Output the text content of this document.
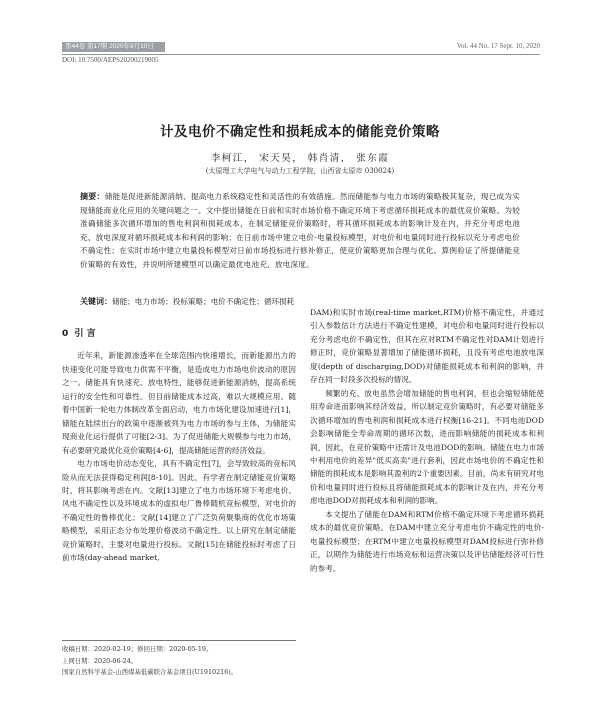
第44卷 第17期 2020年9月10日	Vol. 44 No. 17 Sept. 10, 2020
DOI: 10.7500/AEPS20200219005
计及电价不确定性和损耗成本的储能竞价策略
李柯江， 宋天昊， 韩肖清， 张东霞
(太原理工大学电气与动力工程学院，山西省太原市 030024)
摘要：储能是促进新能源消纳、提高电力系统稳定性和灵活性的有效措施。然而储能参与电力市场的策略极其复杂，现已成为实现储能商业化应用的关键问题之一。文中提出储能在日前和实时市场价格不确定环境下考虑循环损耗成本的最优竞价策略。为较准确储能多次循环增加的售电利润和损耗成本，在制定储能竞价策略时，将其循环损耗成本的影响计及在内，并充分考虑电池充、放电深度对循环损耗成本和利润的影响；在日前市场中建立电价-电量投标模型，对电价和电量同时进行投标以充分考虑电价不确定性；在实时市场中建立电量投标模型对日前市场投标进行修补修正，使竞价策略更加合理与优化。算例验证了所提储能竞价策略的有效性，并说明所建模型可以确定最优电池充、放电深度。
关键词：储能；电力市场；投标策略；电价不确定性；循环损耗
0 引 言

近年来，新能源渗透率在全球范围内快速增长，而新能源出力的快速变化可能导致电力供需不平衡，是造成电力市场电价波动的原因之一。储能具有快速充、放电特性，能够促进新能源消纳，提高系统运行的安全性和可靠性。但目前储能成本过高，难以大规模应用。随着中国新一轮电力体制改革全面启动，电力市场化建设加速进行[1]，储能在陆续出台的政策中逐渐被列为电力市场的参与主体，为储能实现商业化运行提供了可能[2-3]。为了促进储能大规模参与电力市场，有必要研究最优化竞价策略[4-6]，提高储能运营的经济效益。

电力市场电价动态变化，具有不确定性[7]，会导致较高的竞标风险从而无法获得稳定利润[8-10]。因此，有学者在制定储能竞价策略时，将其影响考虑在内。文献[13]建立了电力市场环境下考虑电价、风电不确定性以及环境成本的虚拟电厂鲁棒随机竞标模型，对电价的不确定性的鲁棒优化；文献[14]建立了广泛负荷聚集商的优化市场策略模型，采用正态分布处理价格波动不确定性。以上研究在制定储能竞价策略时，主要对电量进行投标。文献[15]在储能投标时考虑了日前市场(day-ahead market,

DAM)和实时市场(real-time market,RTM)价格不确定性，并通过引入参数估计方法进行不确定性建模，对电价和电量同时进行投标以充分考虑电价不确定性，但其在应对RTM不确定性对DAM计划进行修正时，竞价策略显著增加了储能循环损耗，且没有考虑电池放电深度(depth of discharging,DOD)对储能损耗成本和利润的影响，并存在同一时段多次投标的情况。

频繁的充、放电虽然会增加储能的售电利润，但也会缩短储能使用寿命进而影响其经济效益，所以制定竞价策略时，有必要对储能多次循环增加的售电利润和损耗成本进行权衡[16-21]。不同电池DOD会影响储能全寿命周期的循环次数，进而影响储能的损耗成本和利润，因此，在竞价策略中还需计及电池DOD的影响。储能在电力市场中利用电价的差异"低买高卖"进行套利，因此市场电价的不确定性和储能的损耗成本是影响其盈利的2个重要因素。目前，尚未有研究对电价和电量同时进行投标且将储能损耗成本的影响计及在内，并充分考虑电池DOD对损耗成本和利润的影响。

本文提出了储能在DAM和RTM价格不确定环境下考虑循环损耗成本的最优竞价策略。在DAM中建立充分考虑电价不确定性的电价-电量投标模型；在RTM中建立电量投标模型对DAM投标进行弥补修正，以期作为储能进行市场竞标和运营决策以及评估储能经济可行性的参考。

收稿日期：2020-02-19；修回日期：2020-05-19。
上网日期：2020-06-24。
国家自然科学基金-山西煤基低碳联合基金项目(U1910216)。
